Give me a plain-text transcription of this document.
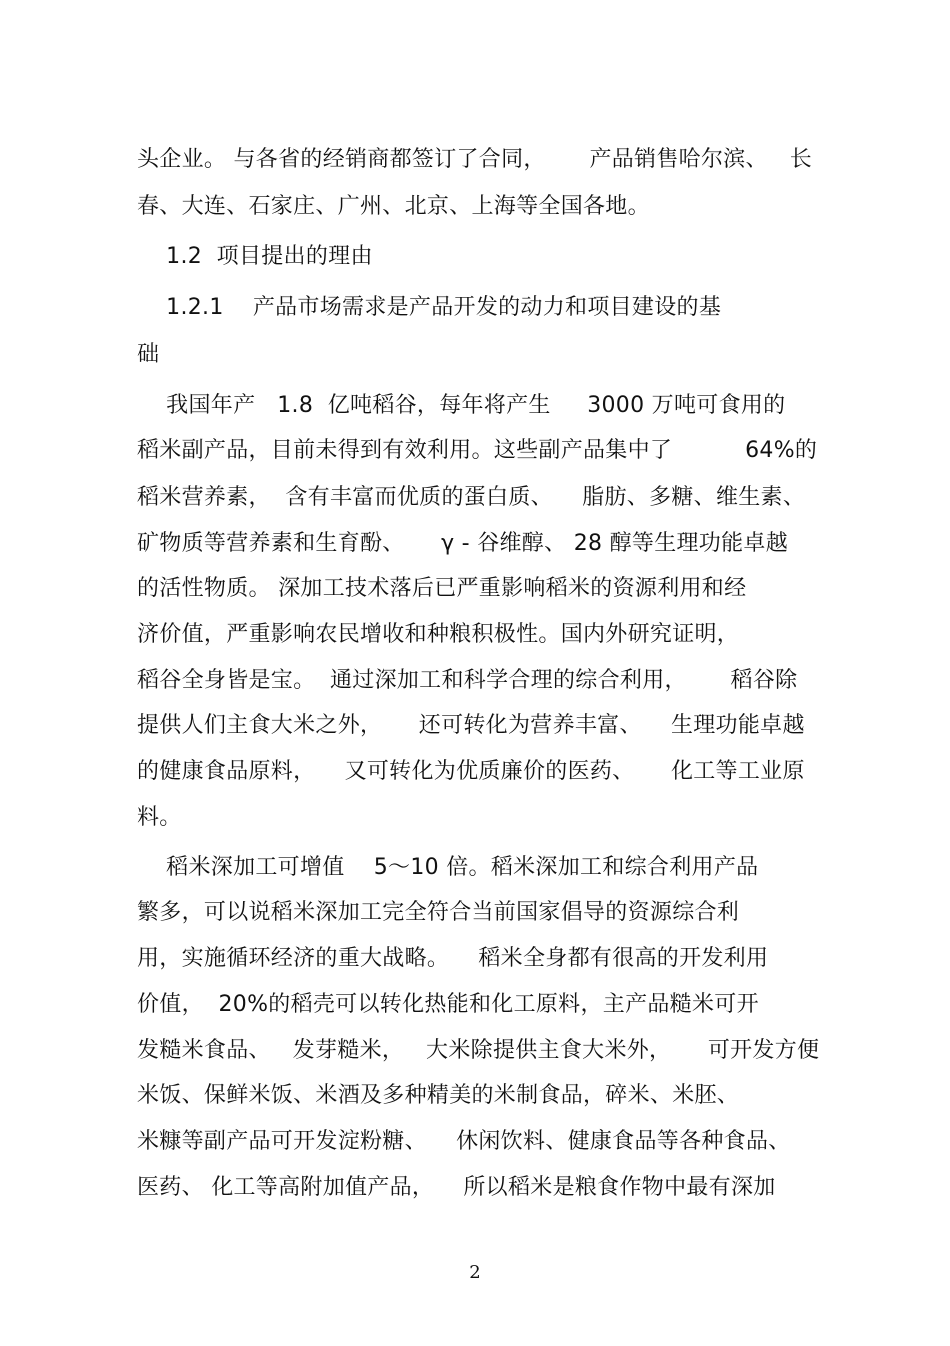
头企业。 与各省的经销商都签订了合同，      产品销售哈尔滨、   长
春、大连、石家庄、广州、北京、上海等全国各地。
1.2  项目提出的理由
1.2.1    产品市场需求是产品开发的动力和项目建设的基
础
我国年产   1.8  亿吨稻谷，每年将产生     3000 万吨可食用的
稻米副产品，目前未得到有效利用。这些副产品集中了          64%的
稻米营养素，  含有丰富而优质的蛋白质、    脂肪、多糖、维生素、
矿物质等营养素和生育酚、     γ - 谷维醇、 28 醇等生理功能卓越
的活性物质。 深加工技术落后已严重影响稻米的资源利用和经
济价值，严重影响农民增收和种粮积极性。国内外研究证明，
稻谷全身皆是宝。  通过深加工和科学合理的综合利用，      稻谷除
提供人们主食大米之外，     还可转化为营养丰富、    生理功能卓越
的健康食品原料，    又可转化为优质廉价的医药、     化工等工业原
料。
稻米深加工可增值    5～10 倍。稻米深加工和综合利用产品
繁多，可以说稻米深加工完全符合当前国家倡导的资源综合利
用，实施循环经济的重大战略。    稻米全身都有很高的开发利用
价值，  20%的稻壳可以转化热能和化工原料，主产品糙米可开
发糙米食品、   发芽糙米，   大米除提供主食大米外，     可开发方便
米饭、保鲜米饭、米酒及多种精美的米制食品，碎米、米胚、
米糠等副产品可开发淀粉糖、    休闲饮料、健康食品等各种食品、
医药、 化工等高附加值产品，    所以稻米是粮食作物中最有深加
2
